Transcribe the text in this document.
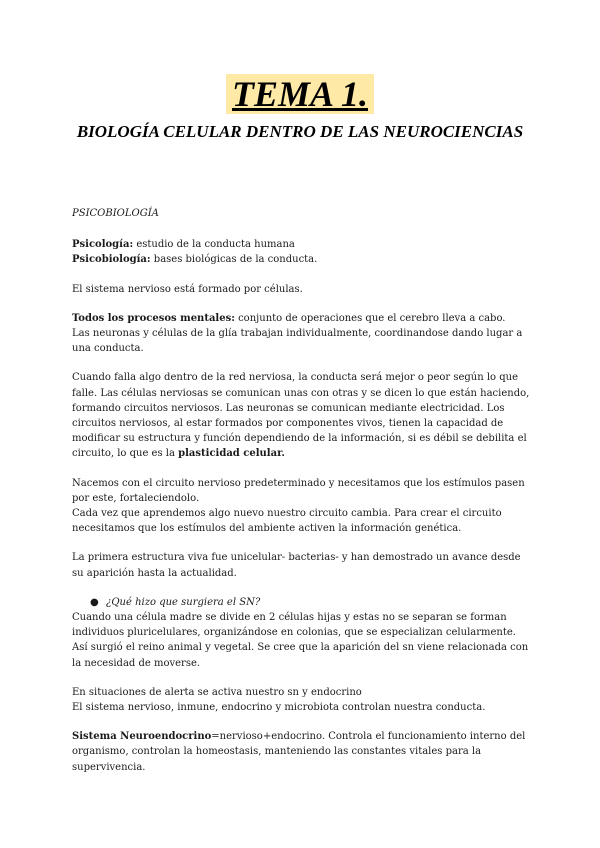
TEMA 1.
BIOLOGÍA CELULAR DENTRO DE LAS NEUROCIENCIAS

PSICOBIOLOGÍA

Psicología: estudio de la conducta humana

Psicobiología: bases biológicas de la conducta.

El sistema nervioso está formado por células.

Todos los procesos mentales: conjunto de operaciones que el cerebro lleva a cabo.

Las neuronas y células de la glía trabajan individualmente, coordinandose dando lugar a una conducta.

Cuando falla algo dentro de la red nerviosa, la conducta será mejor o peor según lo que falle. Las células nerviosas se comunican unas con otras y se dicen lo que están haciendo, formando circuitos nerviosos. Las neuronas se comunican mediante electricidad. Los circuitos nerviosos, al estar formados por componentes vivos, tienen la capacidad de modificar su estructura y función dependiendo de la información, si es débil se debilita el circuito, lo que es la plasticidad celular.

Nacemos con el circuito nervioso predeterminado y necesitamos que los estímulos pasen por este, fortaleciendolo.

Cada vez que aprendemos algo nuevo nuestro circuito cambia. Para crear el circuito necesitamos que los estímulos del ambiente activen la información genética.

La primera estructura viva fue unicelular- bacterias- y han demostrado un avance desde su aparición hasta la actualidad.

● ¿Qué hizo que surgiera el SN?

Cuando una célula madre se divide en 2 células hijas y estas no se separan se forman individuos pluricelulares, organizándose en colonias, que se especializan celularmente.

Así surgió el reino animal y vegetal. Se cree que la aparición del sn viene relacionada con la necesidad de moverse.

En situaciones de alerta se activa nuestro sn y endocrino

El sistema nervioso, inmune, endocrino y microbiota controlan nuestra conducta.

Sistema Neuroendocrino=nervioso+endocrino. Controla el funcionamiento interno del organismo, controlan la homeostasis, manteniendo las constantes vitales para la supervivencia.
